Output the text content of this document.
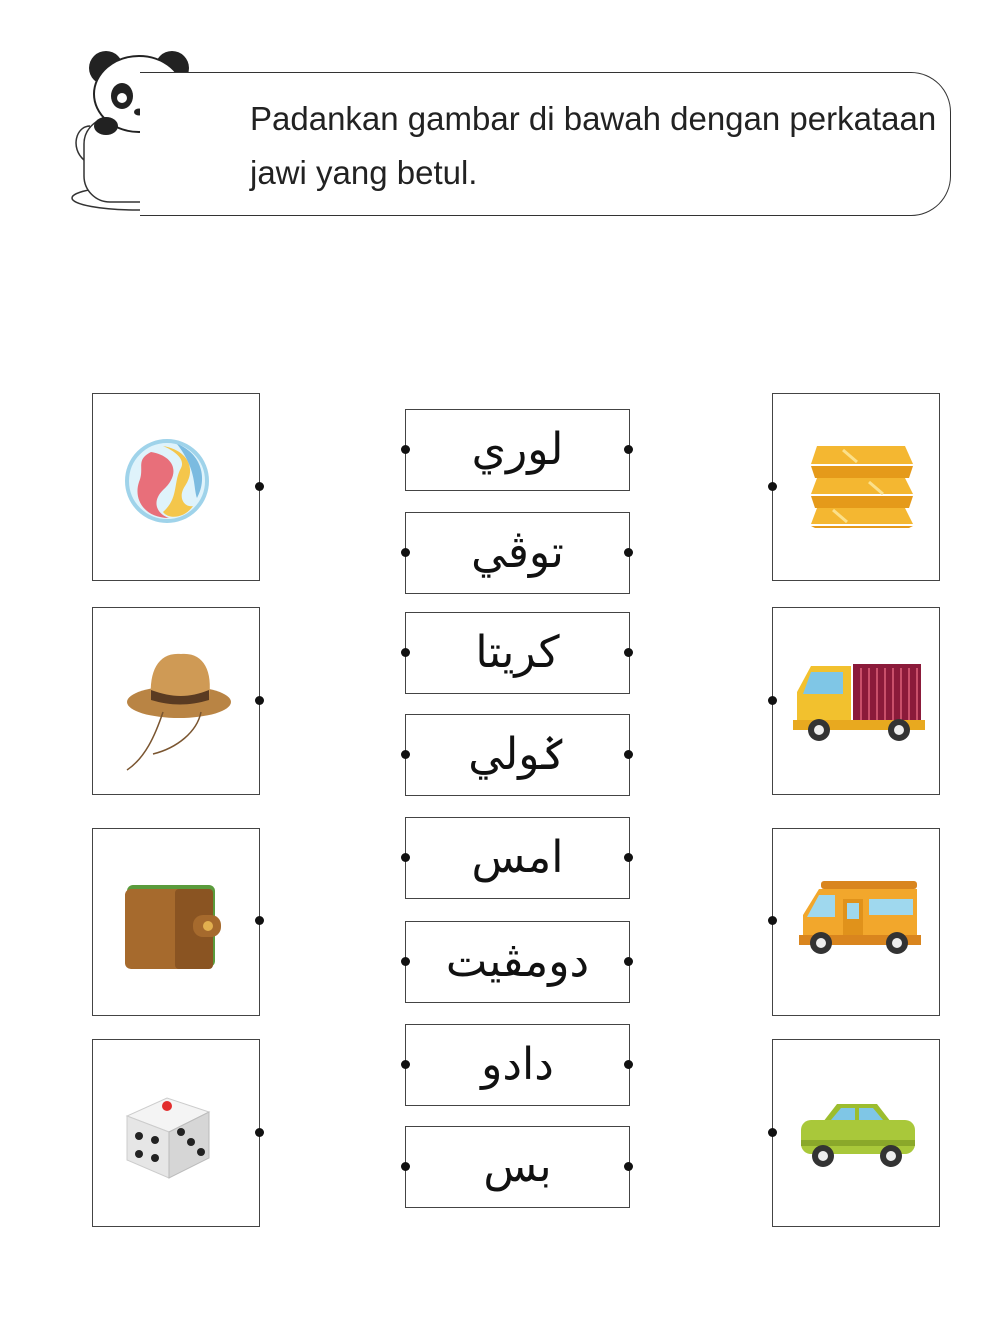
Padankan gambar di bawah dengan perkataan
jawi yang betul.
لوري
توڤي
كريتا
ݢولي
امس
دومڤيت
دادو
بس
